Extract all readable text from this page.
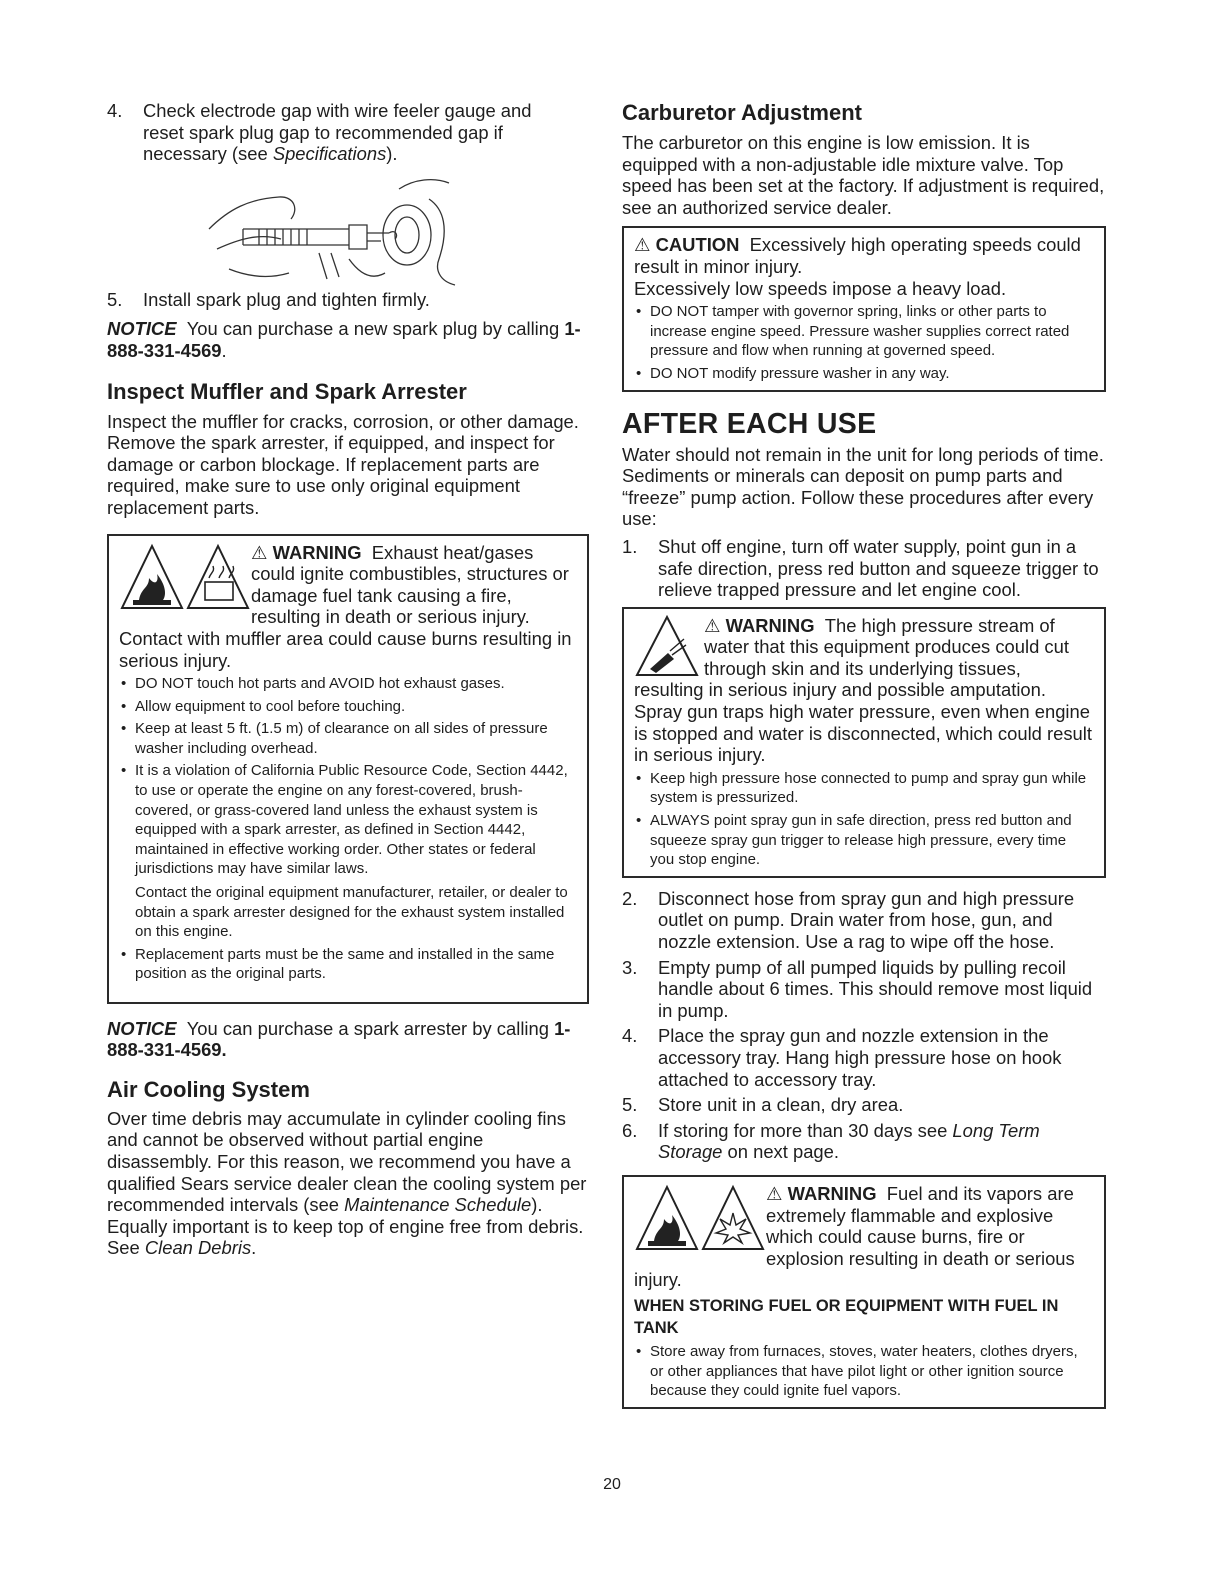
4.	Check electrode gap with wire feeler gauge and reset spark plug gap to recommended gap if necessary (see Specifications).
5.	Install spark plug and tighten firmly.

NOTICE You can purchase a new spark plug by calling 1-888-331-4569.

Inspect Muffler and Spark Arrester

Inspect the muffler for cracks, corrosion, or other damage. Remove the spark arrester, if equipped, and inspect for damage or carbon blockage. If replacement parts are required, make sure to use only original equipment replacement parts.

⚠ WARNING Exhaust heat/gases could ignite combustibles, structures or damage fuel tank causing a fire, resulting in death or serious injury.

Contact with muffler area could cause burns resulting in serious injury.

• DO NOT touch hot parts and AVOID hot exhaust gases.
• Allow equipment to cool before touching.
• Keep at least 5 ft. (1.5 m) of clearance on all sides of pressure washer including overhead.
• It is a violation of California Public Resource Code, Section 4442, to use or operate the engine on any forest-covered, brush-covered, or grass-covered land unless the exhaust system is equipped with a spark arrester, as defined in Section 4442, maintained in effective working order. Other states or federal jurisdictions may have similar laws.

Contact the original equipment manufacturer, retailer, or dealer to obtain a spark arrester designed for the exhaust system installed on this engine.

• Replacement parts must be the same and installed in the same position as the original parts.

NOTICE You can purchase a spark arrester by calling 1-888-331-4569.

Air Cooling System

Over time debris may accumulate in cylinder cooling fins and cannot be observed without partial engine disassembly. For this reason, we recommend you have a qualified Sears service dealer clean the cooling system per recommended intervals (see Maintenance Schedule). Equally important is to keep top of engine free from debris. See Clean Debris.

Carburetor Adjustment

The carburetor on this engine is low emission. It is equipped with a non-adjustable idle mixture valve. Top speed has been set at the factory. If adjustment is required, see an authorized service dealer.

⚠ CAUTION Excessively high operating speeds could result in minor injury.

Excessively low speeds impose a heavy load.

• DO NOT tamper with governor spring, links or other parts to increase engine speed. Pressure washer supplies correct rated pressure and flow when running at governed speed.
• DO NOT modify pressure washer in any way.
AFTER EACH USE

Water should not remain in the unit for long periods of time. Sediments or minerals can deposit on pump parts and “freeze” pump action. Follow these procedures after every use:

1.	Shut off engine, turn off water supply, point gun in a safe direction, press red button and squeeze trigger to relieve trapped pressure and let engine cool.
⚠ WARNING The high pressure stream of water that this equipment produces could cut through skin and its underlying tissues, resulting in serious injury and possible amputation.

Spray gun traps high water pressure, even when engine is stopped and water is disconnected, which could result in serious injury.

• Keep high pressure hose connected to pump and spray gun while system is pressurized.
• ALWAYS point spray gun in safe direction, press red button and squeeze spray gun trigger to release high pressure, every time you stop engine.
2.	Disconnect hose from spray gun and high pressure outlet on pump. Drain water from hose, gun, and nozzle extension. Use a rag to wipe off the hose.
3.	Empty pump of all pumped liquids by pulling recoil handle about 6 times. This should remove most liquid in pump.
4.	Place the spray gun and nozzle extension in the accessory tray. Hang high pressure hose on hook attached to accessory tray.
5.	Store unit in a clean, dry area.
6.	If storing for more than 30 days see Long Term Storage on next page.
⚠ WARNING Fuel and its vapors are extremely flammable and explosive which could cause burns, fire or explosion resulting in death or serious injury.

WHEN STORING FUEL OR EQUIPMENT WITH FUEL IN TANK

• Store away from furnaces, stoves, water heaters, clothes dryers, or other appliances that have pilot light or other ignition source because they could ignite fuel vapors.
20
